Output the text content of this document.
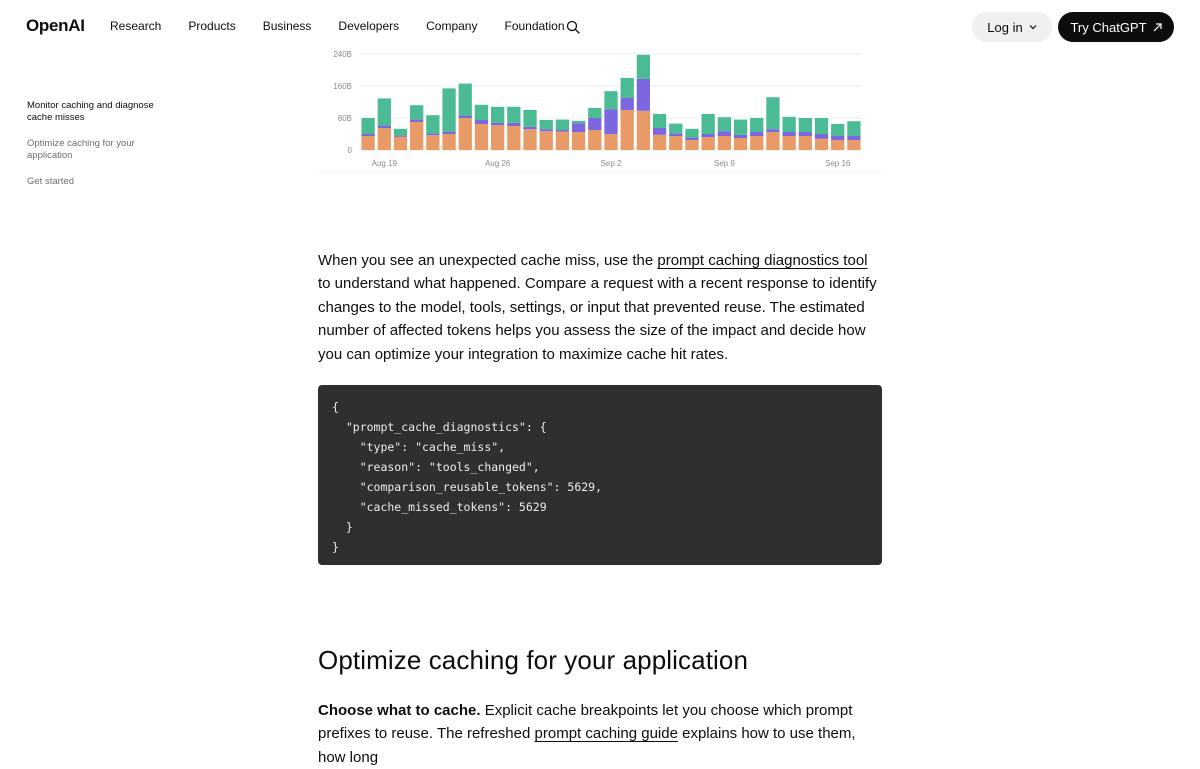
OpenAI Research Products Business Developers Company Foundation	Log in	Try ChatGPT
Monitor caching and diagnose cache misses
Optimize caching for your application
Get started
0
80B
160B
240B
Aug 19	Aug 26	Sep 2	Sep 9	Sep 16

When you see an unexpected cache miss, use the prompt caching diagnostics tool to understand what happened. Compare a request with a recent response to identify changes to the model, tools, settings, or input that prevented reuse. The estimated number of affected tokens helps you assess the size of the impact and decide how you can optimize your integration to maximize cache hit rates.

{
"prompt_cache_diagnostics": {
"type": "cache_miss",
"reason": "tools_changed",
"comparison_reusable_tokens": 5629,
"cache_missed_tokens": 5629
}
}
Optimize caching for your application

Choose what to cache. Explicit cache breakpoints let you choose which prompt prefixes to reuse. The refreshed prompt caching guide explains how to use them, how long
